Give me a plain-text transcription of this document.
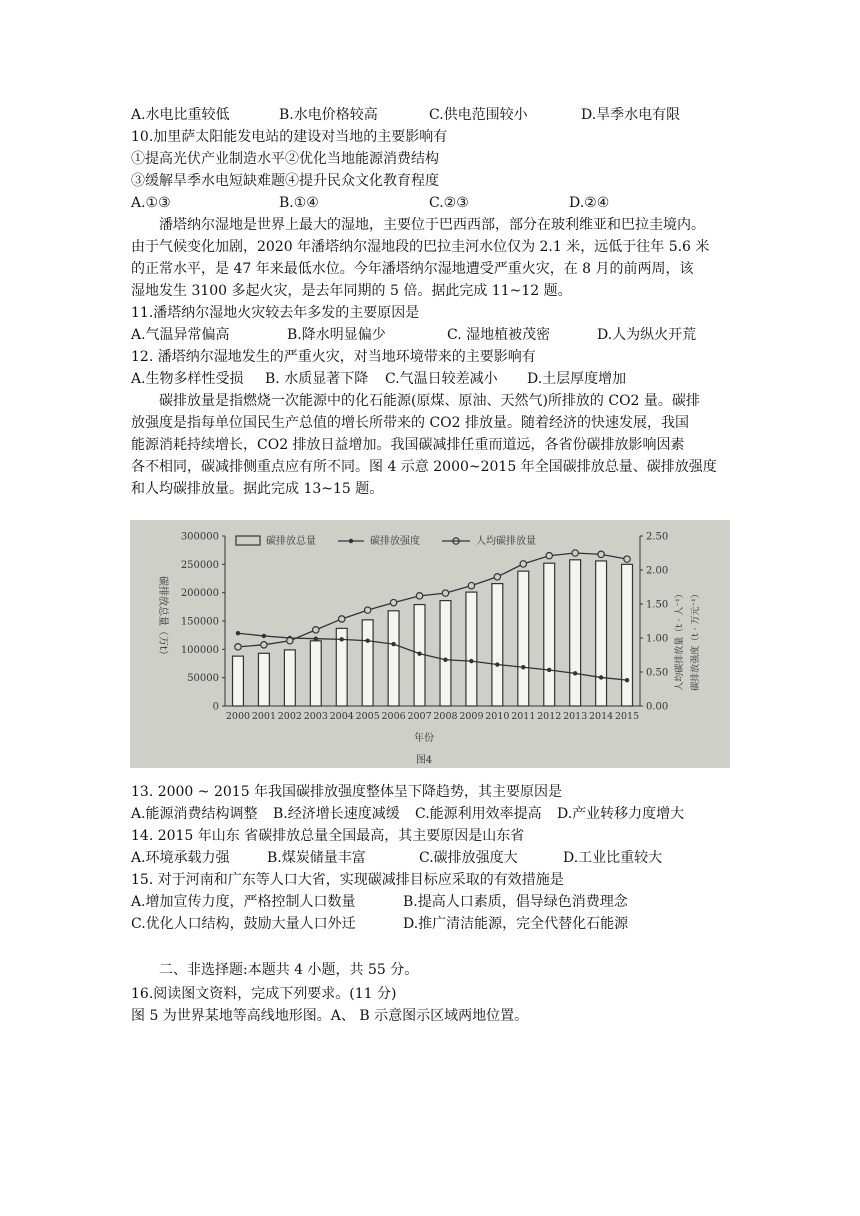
A.水电比重较低	B.水电价格较高	C.供电范围较小	D.旱季水电有限
10.加里萨太阳能发电站的建设对当地的主要影响有
①提高光伏产业制造水平②优化当地能源消费结构
③缓解旱季水电短缺难题④提升民众文化教育程度
A.①③	B.①④	C.②③	D.②④
潘塔纳尔湿地是世界上最大的湿地，主要位于巴西西部，部分在玻利维亚和巴拉圭境内。
由于气候变化加剧，2020 年潘塔纳尔湿地段的巴拉圭河水位仅为 2.1 米，远低于往年 5.6 米
的正常水平，是 47 年来最低水位。今年潘塔纳尔湿地遭受严重火灾，在 8 月的前两周，该
湿地发生 3100 多起火灾，是去年同期的 5 倍。据此完成 11~12 题。
11.潘塔纳尔湿地火灾较去年多发的主要原因是
A.气温异常偏高	B.降水明显偏少	C. 湿地植被茂密	D.人为纵火开荒
12. 潘塔纳尔湿地发生的严重火灾，对当地环境带来的主要影响有
A.生物多样性受损 B. 水质显著下降 C.气温日较差减小 D.土层厚度增加
碳排放量是指燃烧一次能源中的化石能源(原煤、原油、天然气)所排放的 CO2 量。碳排
放强度是指每单位国民生产总值的增长所带来的 CO2 排放量。随着经济的快速发展，我国
能源消耗持续增长，CO2 排放日益增加。我国碳减排任重而道远，各省份碳排放影响因素
各不相同，碳减排侧重点应有所不同。图 4 示意 2000~2015 年全国碳排放总量、碳排放强度
和人均碳排放量。据此完成 13~15 题。
碳排放总量	碳排放强度	人均碳排放量
碳排放总量（万t）	人均碳排放量（t · 人⁻¹） 碳排放强度（t · 万元⁻¹）
年份
图4
0
50000
100000
150000
200000
250000
300000
0.00
0.50
1.00
1.50
2.00
2.50
2000 2001 2002 2003 2004 2005 2006 2007 2008 2009 2010 2011 2012 2013 2014 2015
13. 2000 ~ 2015 年我国碳排放强度整体呈下降趋势，其主要原因是
A.能源消费结构调整 B.经济增长速度减缓 C.能源利用效率提高 D.产业转移力度增大
14. 2015 年山东 省碳排放总量全国最高，其主要原因是山东省
A.环境承载力强	B.煤炭储量丰富	C.碳排放强度大	D.工业比重较大
15. 对于河南和广东等人口大省，实现碳减排目标应采取的有效措施是
A.增加宣传力度，严格控制人口数量	B.提高人口素质，倡导绿色消费理念
C.优化人口结构，鼓励大量人口外迁	D.推广清洁能源，完全代替化石能源
二、非选择题:本题共 4 小题，共 55 分。
16.阅读图文资料，完成下列要求。(11 分)
图 5 为世界某地等高线地形图。A、 B 示意图示区域两地位置。
